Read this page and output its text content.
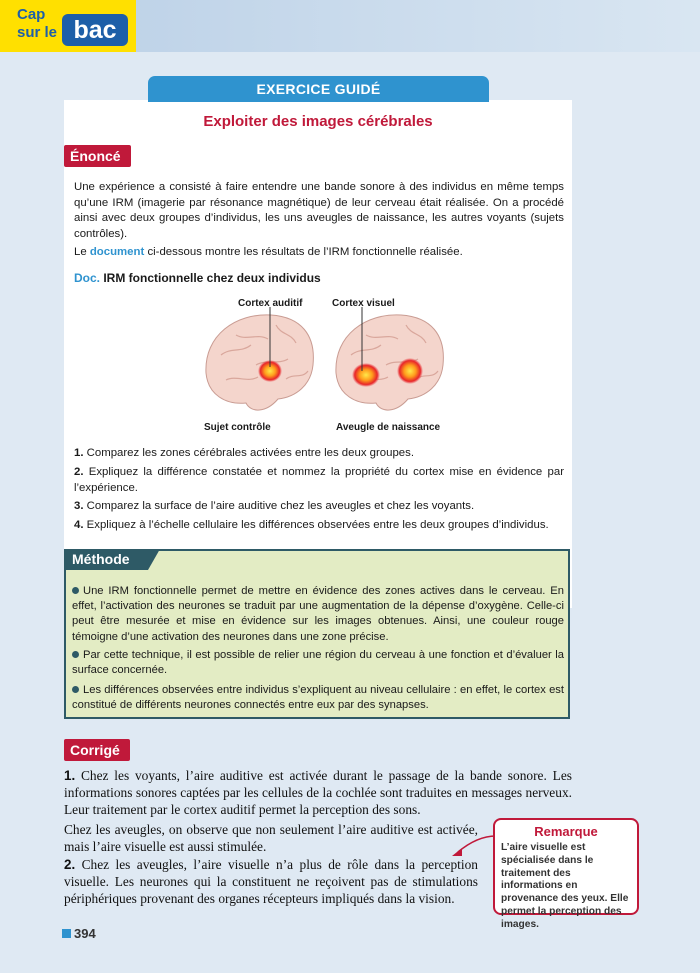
Cap
sur le bac
EXERCICE GUIDÉ
Exploiter des images cérébrales
Énoncé
Une expérience a consisté à faire entendre une bande sonore à des individus en même temps qu’une IRM (imagerie par résonance magnétique) de leur cerveau était réalisée. On a procédé ainsi avec deux groupes d’individus, les uns aveugles de naissance, les autres voyants (sujets contrôles).
Le document ci-dessous montre les résultats de l’IRM fonctionnelle réalisée.
Doc. IRM fonctionnelle chez deux individus
Cortex auditif	Cortex visuel
Sujet contrôle	Aveugle de naissance
1. Comparez les zones cérébrales activées entre les deux groupes.
2. Expliquez la différence constatée et nommez la propriété du cortex mise en évidence par l’expérience.
3. Comparez la surface de l’aire auditive chez les aveugles et chez les voyants.
4. Expliquez à l’échelle cellulaire les différences observées entre les deux groupes d’individus.
Méthode
Une IRM fonctionnelle permet de mettre en évidence des zones actives dans le cerveau. En effet, l’activation des neurones se traduit par une augmentation de la dépense d’oxygène. Celle-ci peut être mesurée et mise en évidence sur les images obtenues. Ainsi, une couleur rouge témoigne d’une activation des neurones dans une zone précise.
Par cette technique, il est possible de relier une région du cerveau à une fonction et d’évaluer la surface concernée.
Les différences observées entre individus s’expliquent au niveau cellulaire : en effet, le cortex est constitué de différents neurones connectés entre eux par des synapses.
Corrigé
1. Chez les voyants, l’aire auditive est activée durant le passage de la bande sonore. Les informations sonores captées par les cellules de la cochlée sont traduites en messages nerveux. Leur traitement par le cortex auditif permet la perception des sons.
Chez les aveugles, on observe que non seulement l’aire auditive est activée, mais l’aire visuelle est aussi stimulée.
2. Chez les aveugles, l’aire visuelle n’a plus de rôle dans la perception visuelle. Les neurones qui la constituent ne reçoivent pas de stimulations périphériques provenant des organes récepteurs impliqués dans la vision.
Remarque
L’aire visuelle est spécialisée dans le traitement des informations en provenance des yeux. Elle permet la perception des images.
394
